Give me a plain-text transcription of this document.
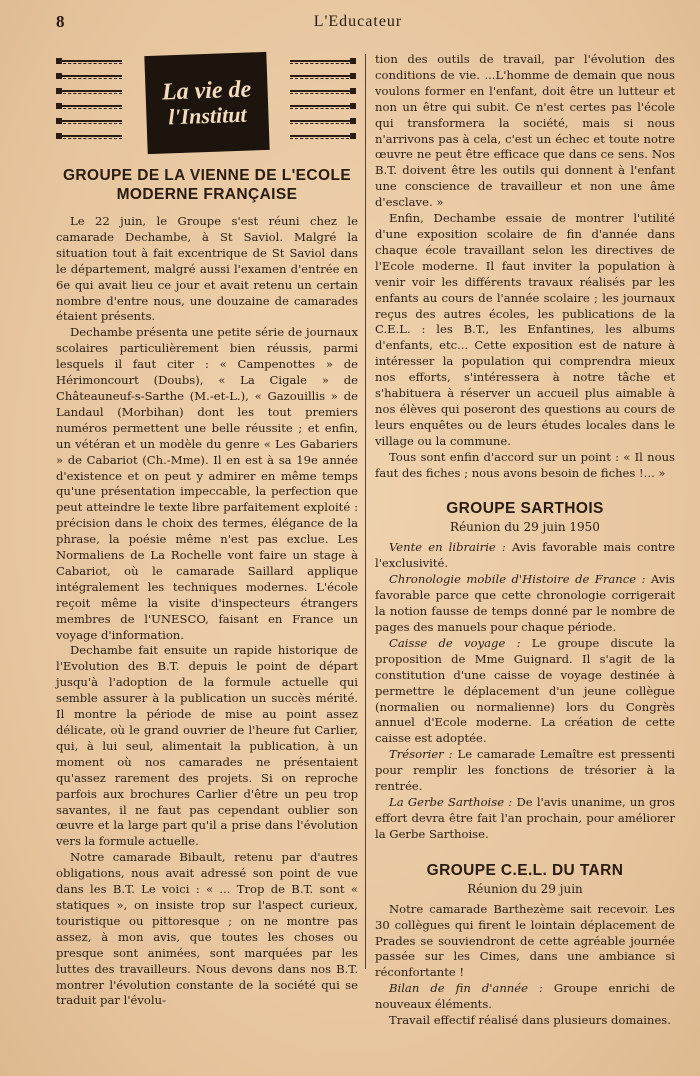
8	L'Educateur
La vie de
l'Institut
GROUPE DE LA VIENNE DE L'ECOLE MODERNE FRANÇAISE

Le 22 juin, le Groupe s'est réuni chez le camarade Dechambe, à St Saviol. Malgré la situation tout à fait excentrique de St Saviol dans le département, malgré aussi l'examen d'entrée en 6e qui avait lieu ce jour et avait retenu un certain nombre d'entre nous, une douzaine de camarades étaient présents.

Dechambe présenta une petite série de journaux scolaires particulièrement bien réussis, parmi lesquels il faut citer : « Campenottes » de Hérimoncourt (Doubs), « La Cigale » de Châteauneuf-s-Sarthe (M.-et-L.), « Gazouillis » de Landaul (Morbihan) dont les tout premiers numéros permettent une belle réussite ; et enfin, un vétéran et un modèle du genre « Les Gabariers » de Cabariot (Ch.-Mme). Il en est à sa 19e année d'existence et on peut y admirer en même temps qu'une présentation impeccable, la perfection que peut atteindre le texte libre parfaitement exploité : précision dans le choix des termes, élégance de la phrase, la poésie même n'est pas exclue. Les Normaliens de La Rochelle vont faire un stage à Cabariot, où le camarade Saillard applique intégralement les techniques modernes. L'école reçoit même la visite d'inspecteurs étrangers membres de l'UNESCO, faisant en France un voyage d'information.

Dechambe fait ensuite un rapide historique de l'Evolution des B.T. depuis le point de départ jusqu'à l'adoption de la formule actuelle qui semble assurer à la publication un succès mérité. Il montre la période de mise au point assez délicate, où le grand ouvrier de l'heure fut Carlier, qui, à lui seul, alimentait la publication, à un moment où nos camarades ne présentaient qu'assez rarement des projets. Si on reproche parfois aux brochures Carlier d'être un peu trop savantes, il ne faut pas cependant oublier son œuvre et la large part qu'il a prise dans l'évolution vers la formule actuelle.

Notre camarade Bibault, retenu par d'autres obligations, nous avait adressé son point de vue dans les B.T. Le voici : « ... Trop de B.T. sont « statiques », on insiste trop sur l'aspect curieux, touristique ou pittoresque ; on ne montre pas assez, à mon avis, que toutes les choses ou presque sont animées, sont marquées par les luttes des travailleurs. Nous devons dans nos B.T. montrer l'évolution constante de la société qui se traduit par l'évolu-

tion des outils de travail, par l'évolution des conditions de vie. ...L'homme de demain que nous voulons former en l'enfant, doit être un lutteur et non un être qui subit. Ce n'est certes pas l'école qui transformera la société, mais si nous n'arrivons pas à cela, c'est un échec et toute notre œuvre ne peut être efficace que dans ce sens. Nos B.T. doivent être les outils qui donnent à l'enfant une conscience de travailleur et non une âme d'esclave. »

Enfin, Dechambe essaie de montrer l'utilité d'une exposition scolaire de fin d'année dans chaque école travaillant selon les directives de l'Ecole moderne. Il faut inviter la population à venir voir les différents travaux réalisés par les enfants au cours de l'année scolaire ; les journaux reçus des autres écoles, les publications de la C.E.L. : les B.T., les Enfantines, les albums d'enfants, etc... Cette exposition est de nature à intéresser la population qui comprendra mieux nos efforts, s'intéressera à notre tâche et s'habituera à réserver un accueil plus aimable à nos élèves qui poseront des questions au cours de leurs enquêtes ou de leurs études locales dans le village ou la commune.

Tous sont enfin d'accord sur un point : « Il nous faut des fiches ; nous avons besoin de fiches !... »

GROUPE SARTHOIS
Réunion du 29 juin 1950

Vente en librairie : Avis favorable mais contre l'exclusivité.

Chronologie mobile d'Histoire de France : Avis favorable parce que cette chronologie corrigerait la notion fausse de temps donné par le nombre de pages des manuels pour chaque période.

Caisse de voyage : Le groupe discute la proposition de Mme Guignard. Il s'agit de la constitution d'une caisse de voyage destinée à permettre le déplacement d'un jeune collègue (normalien ou normalienne) lors du Congrès annuel d'Ecole moderne. La création de cette caisse est adoptée.

Trésorier : Le camarade Lemaître est pressenti pour remplir les fonctions de trésorier à la rentrée.

La Gerbe Sarthoise : De l'avis unanime, un gros effort devra être fait l'an prochain, pour améliorer la Gerbe Sarthoise.

GROUPE C.E.L. DU TARN
Réunion du 29 juin

Notre camarade Barthezème sait recevoir. Les 30 collègues qui firent le lointain déplacement de Prades se souviendront de cette agréable journée passée sur les Cimes, dans une ambiance si réconfortante !

Bilan de fin d'année : Groupe enrichi de nouveaux éléments.

Travail effectif réalisé dans plusieurs domaines.
